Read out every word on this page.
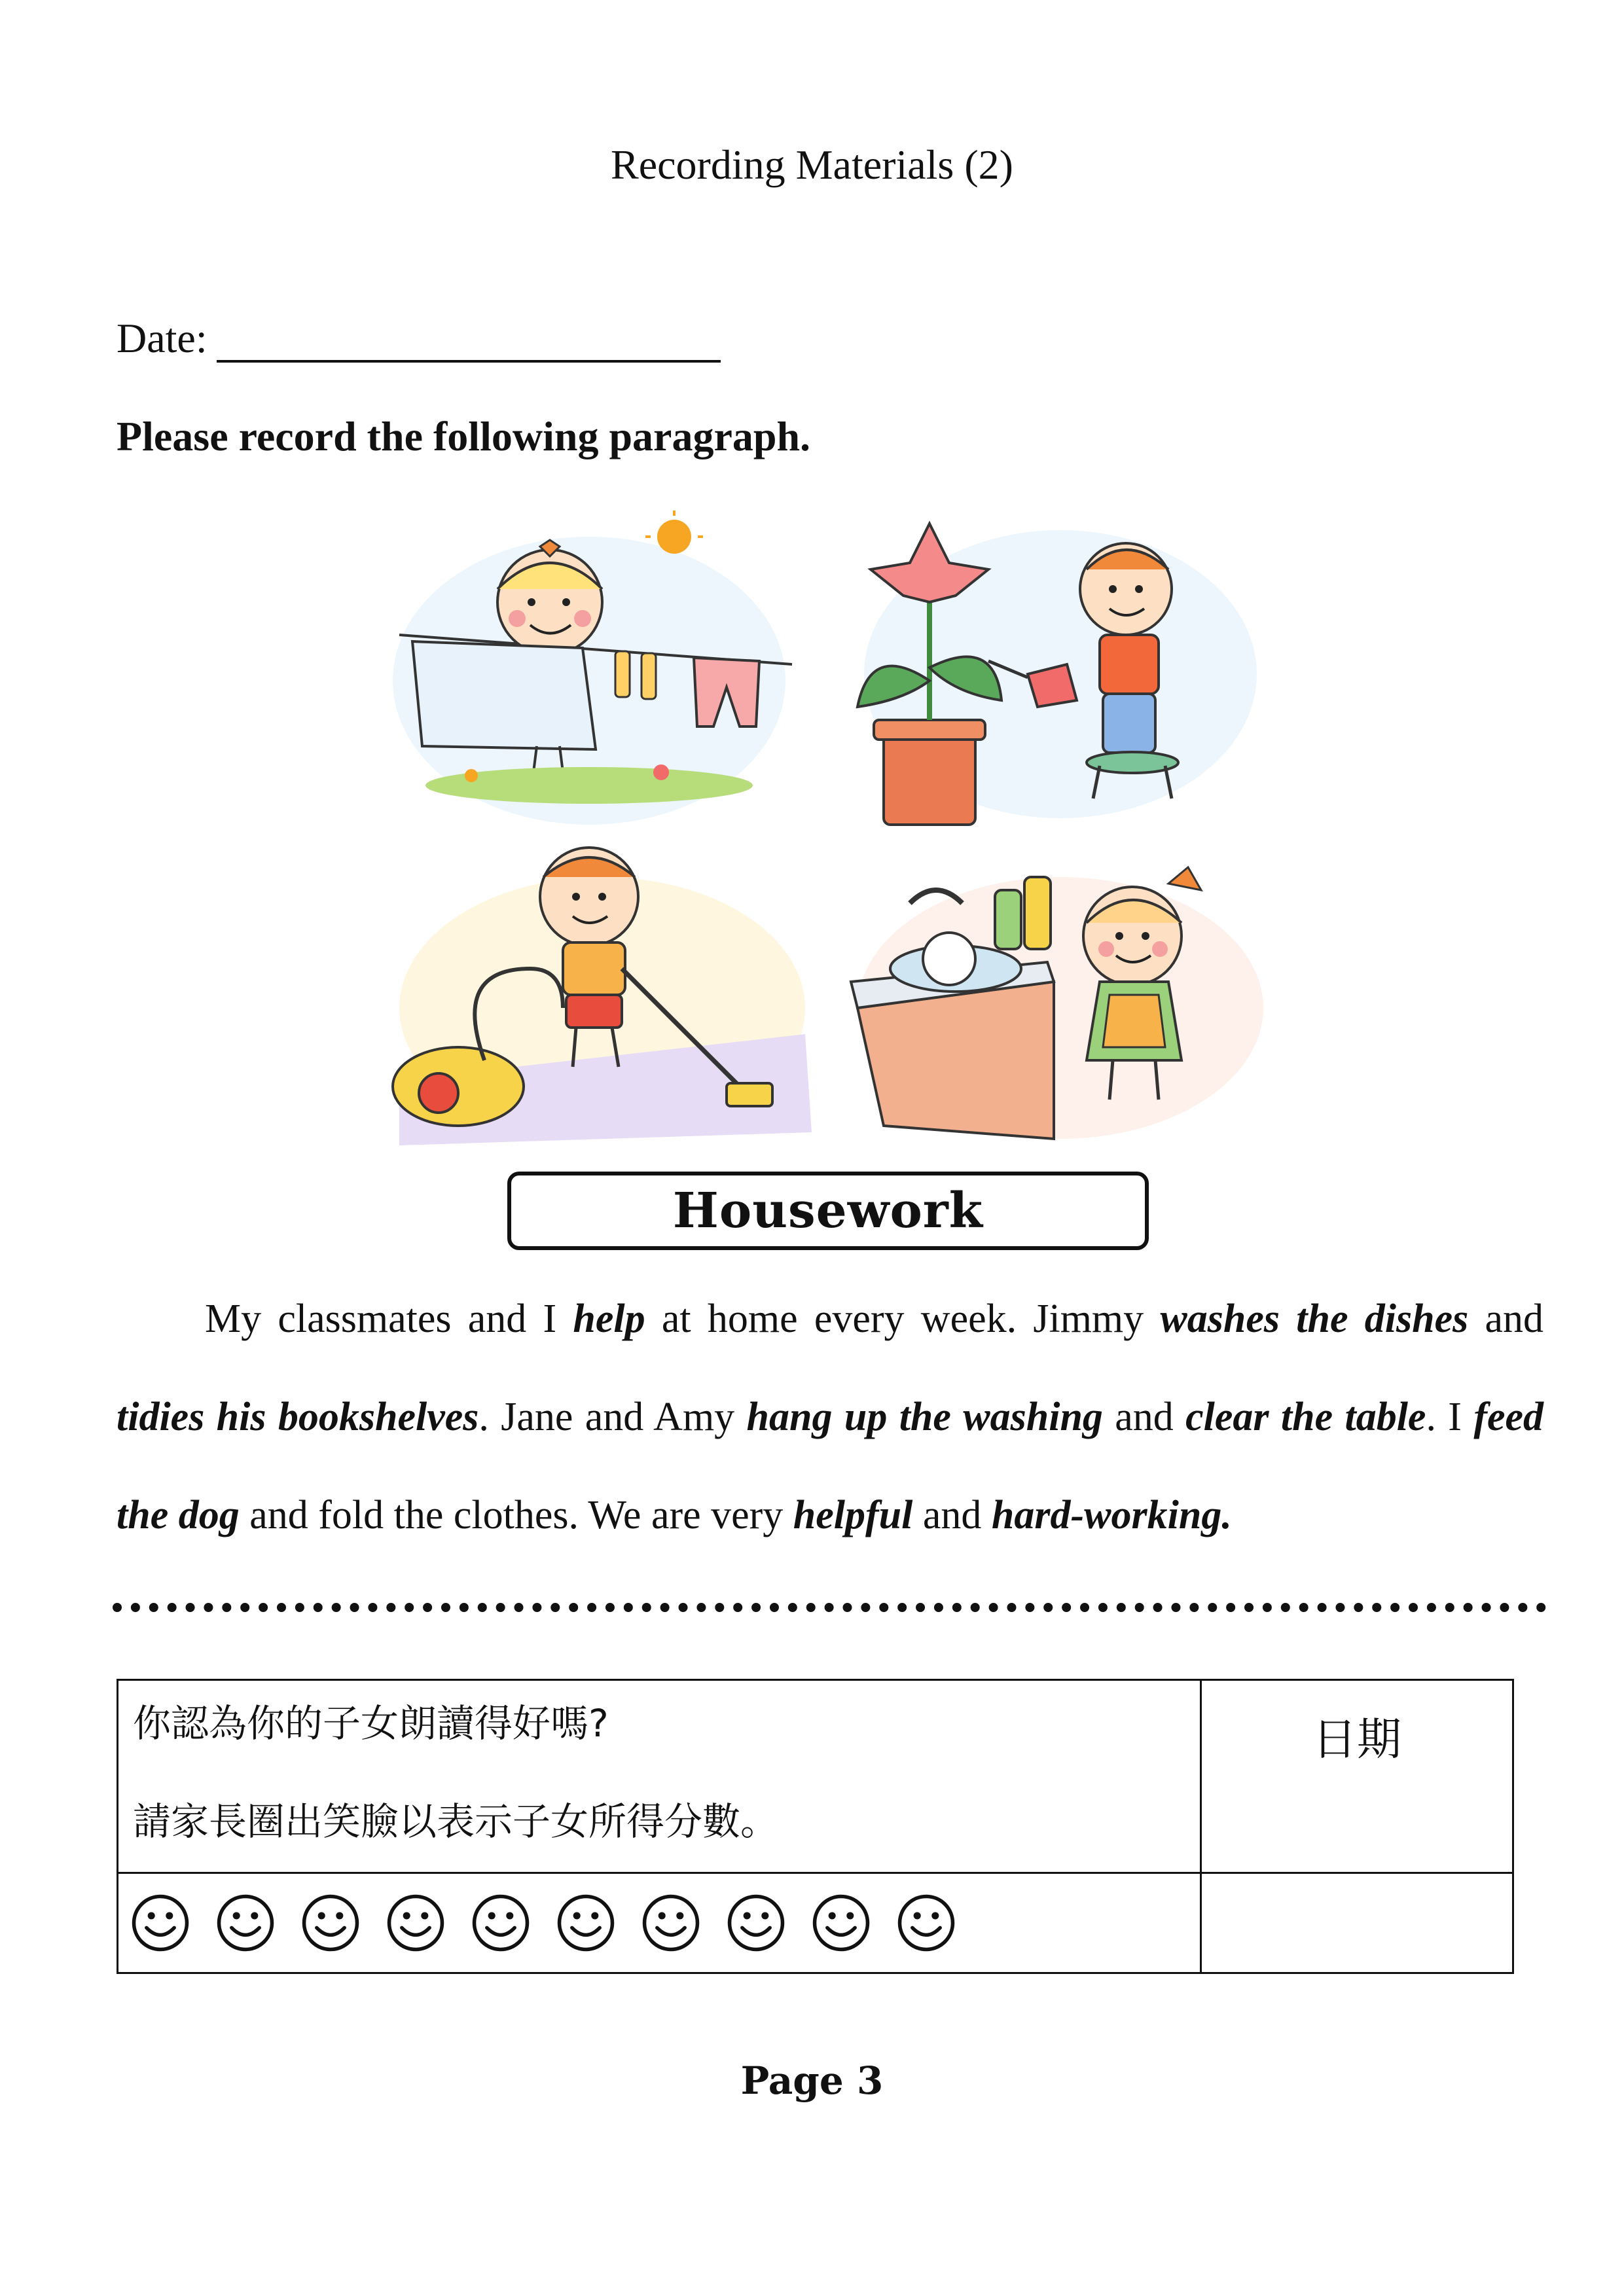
Recording Materials (2)
Date:
Please record the following paragraph.
Housework

My classmates and I help at home every week. Jimmy washes the dishes and tidies his bookshelves. Jane and Amy hang up the washing and clear the table. I feed the dog and fold the clothes. We are very helpful and hard-working.

你認為你的子女朗讀得好嗎?
請家長圈出笑臉以表示子女所得分數。	日期

Page 3
